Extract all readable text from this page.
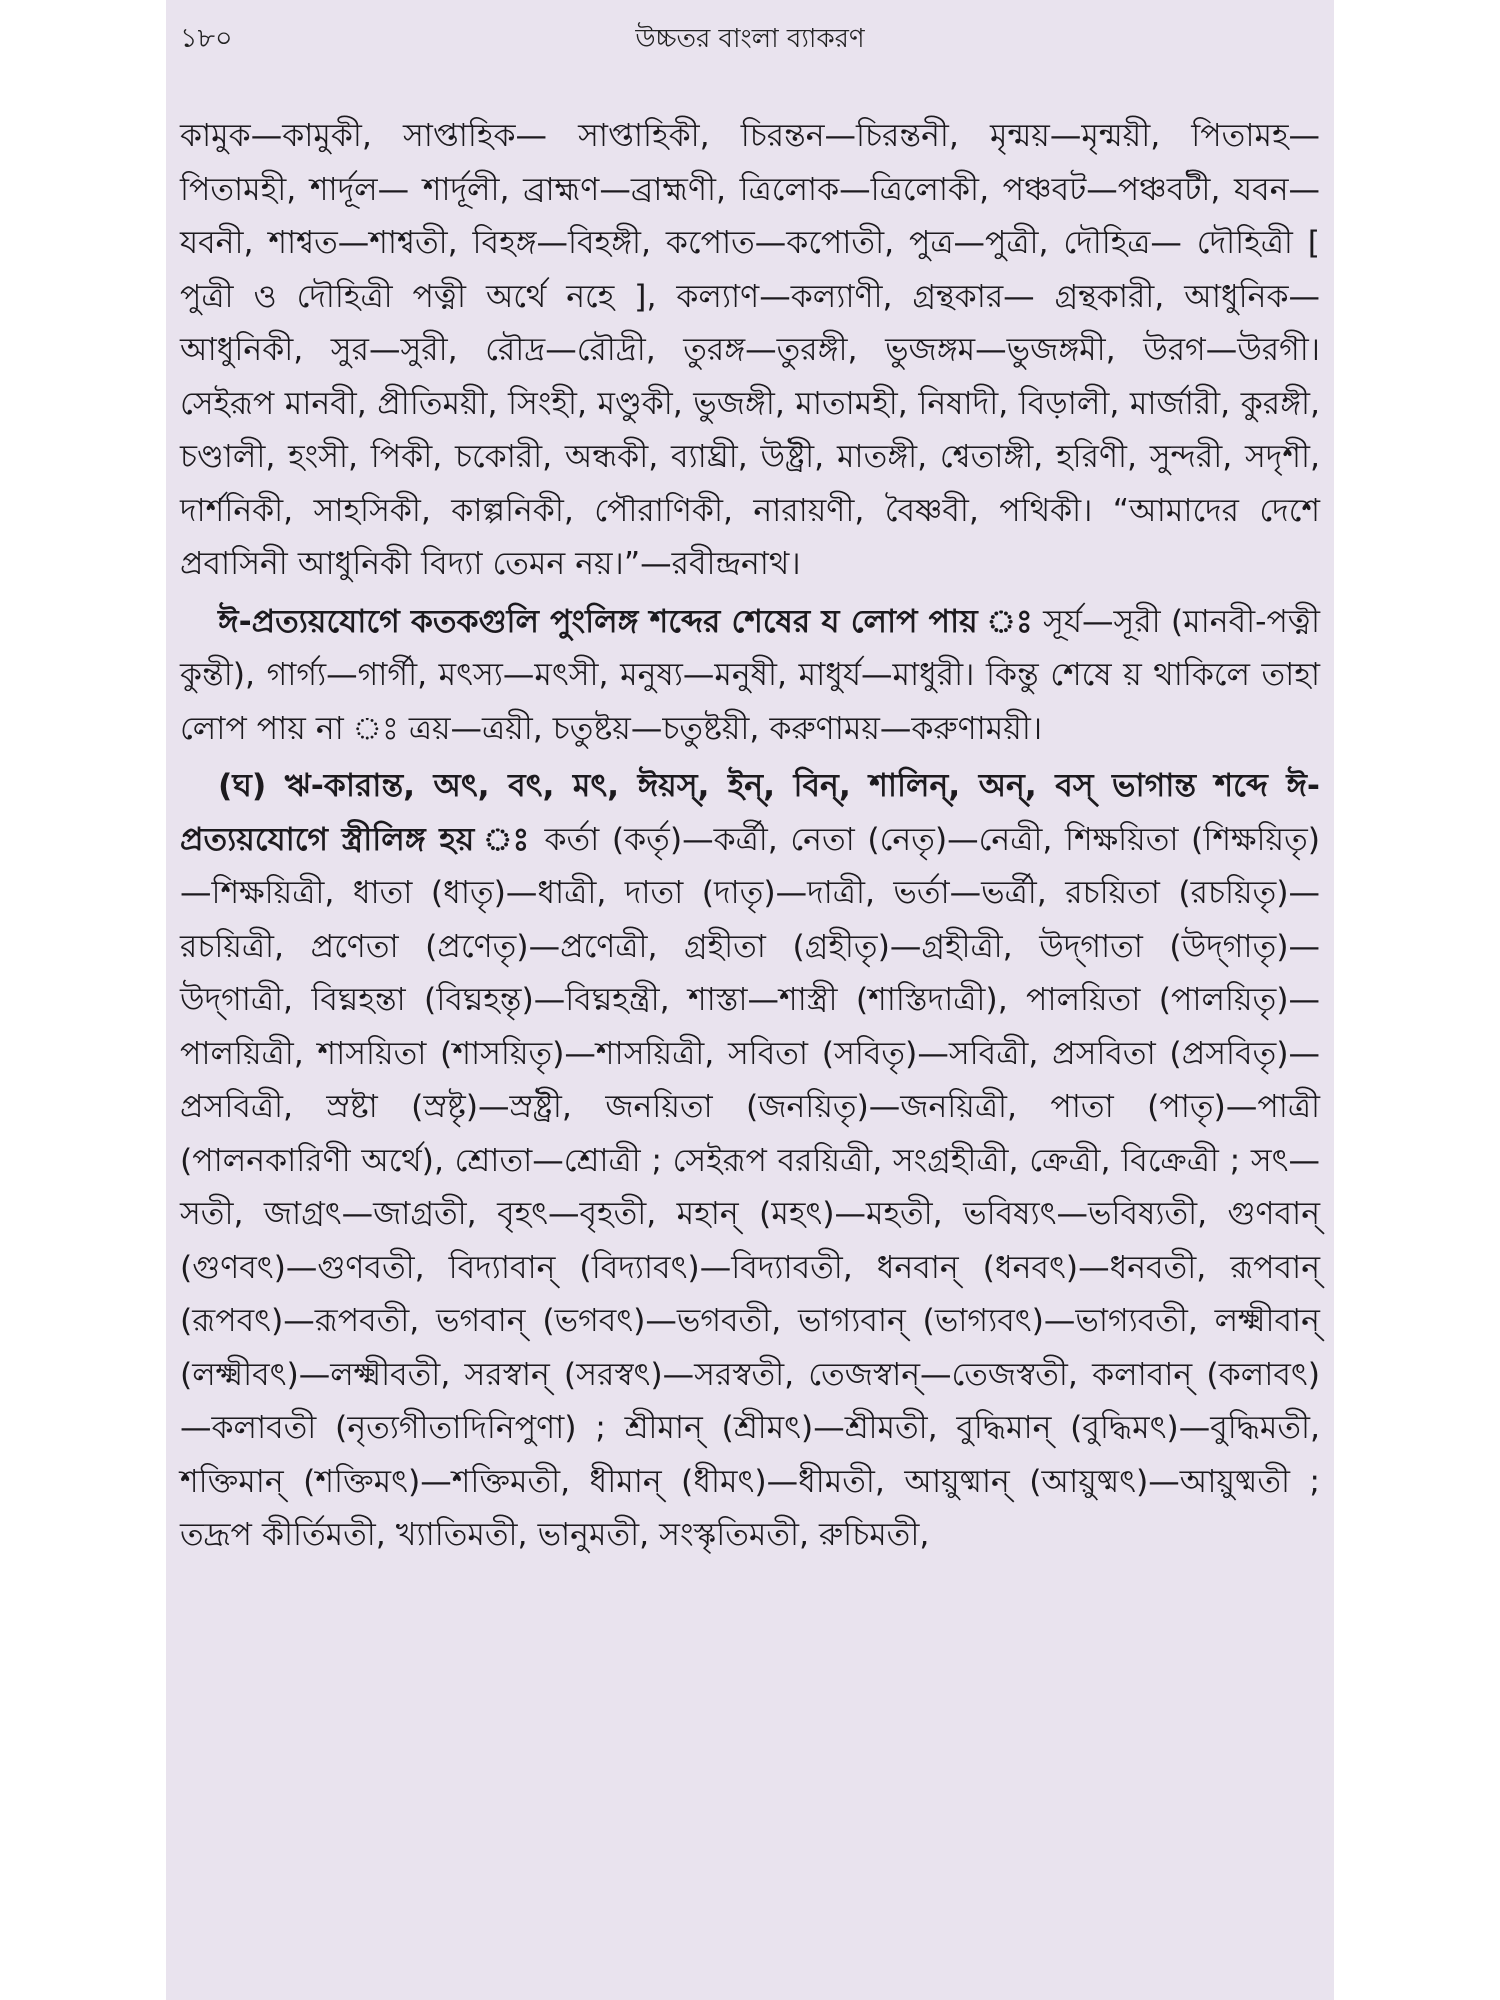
১৮০	উচ্চতর বাংলা ব্যাকরণ

কামুক—কামুকী, সাপ্তাহিক— সাপ্তাহিকী, চিরন্তন—চিরন্তনী, মৃন্ময়—মৃন্ময়ী, পিতামহ—পিতামহী, শার্দূল— শার্দূলী, ব্রাহ্মণ—ব্রাহ্মণী, ত্রিলোক—ত্রিলোকী, পঞ্চবট—পঞ্চবটী, যবন—যবনী, শাশ্বত—শাশ্বতী, বিহঙ্গ—বিহঙ্গী, কপোত—কপোতী, পুত্র—পুত্রী, দৌহিত্র— দৌহিত্রী [ পুত্রী ও দৌহিত্রী পত্নী অর্থে নহে ], কল্যাণ—কল্যাণী, গ্রন্থকার— গ্রন্থকারী, আধুনিক—আধুনিকী, সুর—সুরী, রৌদ্র—রৌদ্রী, তুরঙ্গ—তুরঙ্গী, ভুজঙ্গম—ভুজঙ্গমী, উরগ—উরগী। সেইরূপ মানবী, প্রীতিময়ী, সিংহী, মণ্ডুকী, ভুজঙ্গী, মাতামহী, নিষাদী, বিড়ালী, মার্জারী, কুরঙ্গী, চণ্ডালী, হংসী, পিকী, চকোরী, অন্ধকী, ব্যাঘ্রী, উষ্ট্রী, মাতঙ্গী, শ্বেতাঙ্গী, হরিণী, সুন্দরী, সদৃশী, দার্শনিকী, সাহসিকী, কাল্পনিকী, পৌরাণিকী, নারায়ণী, বৈষ্ণবী, পথিকী। “আমাদের দেশে প্রবাসিনী আধুনিকী বিদ্যা তেমন নয়।”—রবীন্দ্রনাথ।

ঈ-প্রত্যয়যোগে কতকগুলি পুংলিঙ্গ শব্দের শেষের য লোপ পায় ঃ সূর্য—সূরী (মানবী-পত্নী কুন্তী), গার্গ্য—গার্গী, মৎস্য—মৎসী, মনুষ্য—মনুষী, মাধুর্য—মাধুরী। কিন্তু শেষে য় থাকিলে তাহা লোপ পায় না ঃ ত্রয়—ত্রয়ী, চতুষ্টয়—চতুষ্টয়ী, করুণাময়—করুণাময়ী।

(ঘ) ঋ-কারান্ত, অৎ, বৎ, মৎ, ঈয়স্, ইন্, বিন্, শালিন্, অন্, বস্ ভাগান্ত শব্দে ঈ-প্রত্যয়যোগে স্ত্রীলিঙ্গ হয় ঃ কর্তা (কর্তৃ)—কর্ত্রী, নেতা (নেতৃ)—নেত্রী, শিক্ষয়িতা (শিক্ষয়িতৃ)—শিক্ষয়িত্রী, ধাতা (ধাতৃ)—ধাত্রী, দাতা (দাতৃ)—দাত্রী, ভর্তা—ভর্ত্রী, রচয়িতা (রচয়িতৃ)—রচয়িত্রী, প্রণেতা (প্রণেতৃ)—প্রণেত্রী, গ্রহীতা (গ্রহীতৃ)—গ্রহীত্রী, উদ্‌গাতা (উদ্‌গাতৃ)—উদ্‌গাত্রী, বিঘ্নহন্তা (বিঘ্নহন্তৃ)—বিঘ্নহন্ত্রী, শাস্তা—শাস্ত্রী (শাস্তিদাত্রী), পালয়িতা (পালয়িতৃ)—পালয়িত্রী, শাসয়িতা (শাসয়িতৃ)—শাসয়িত্রী, সবিতা (সবিতৃ)—সবিত্রী, প্রসবিতা (প্রসবিতৃ)—প্রসবিত্রী, স্রষ্টা (স্রষ্টৃ)—স্রষ্ট্রী, জনয়িতা (জনয়িতৃ)—জনয়িত্রী, পাতা (পাতৃ)—পাত্রী (পালনকারিণী অর্থে), শ্রোতা—শ্রোত্রী ; সেইরূপ বরয়িত্রী, সংগ্রহীত্রী, ক্রেত্রী, বিক্রেত্রী ; সৎ—সতী, জাগ্রৎ—জাগ্রতী, বৃহৎ—বৃহতী, মহান্ (মহৎ)—মহতী, ভবিষ্যৎ—ভবিষ্যতী, গুণবান্ (গুণবৎ)—গুণবতী, বিদ্যাবান্ (বিদ্যাবৎ)—বিদ্যাবতী, ধনবান্ (ধনবৎ)—ধনবতী, রূপবান্ (রূপবৎ)—রূপবতী, ভগবান্ (ভগবৎ)—ভগবতী, ভাগ্যবান্ (ভাগ্যবৎ)—ভাগ্যবতী, লক্ষ্মীবান্ (লক্ষ্মীবৎ)—লক্ষ্মীবতী, সরস্বান্ (সরস্বৎ)—সরস্বতী, তেজস্বান্—তেজস্বতী, কলাবান্ (কলাবৎ)—কলাবতী (নৃত্যগীতাদিনিপুণা) ; শ্রীমান্ (শ্রীমৎ)—শ্রীমতী, বুদ্ধিমান্ (বুদ্ধিমৎ)—বুদ্ধিমতী, শক্তিমান্ (শক্তিমৎ)—শক্তিমতী, ধীমান্ (ধীমৎ)—ধীমতী, আয়ুষ্মান্ (আয়ুষ্মৎ)—আয়ুষ্মতী ; তদ্রূপ কীর্তিমতী, খ্যাতিমতী, ভানুমতী, সংস্কৃতিমতী, রুচিমতী,
